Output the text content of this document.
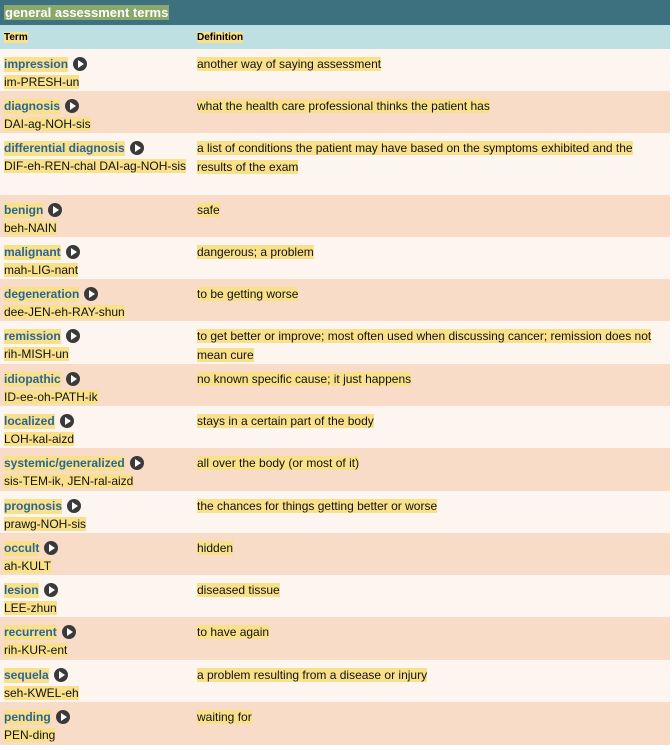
general assessment terms
Term	Definition
impression
im-PRESH-un
another way of saying assessment
diagnosis
DAI-ag-NOH-sis
what the health care professional thinks the patient has
differential diagnosis
DIF-eh-REN-chal DAI-ag-NOH-sis
a list of conditions the patient may have based on the symptoms exhibited and the results of the exam
benign
beh-NAIN
safe
malignant
mah-LIG-nant
dangerous; a problem
degeneration
dee-JEN-eh-RAY-shun
to be getting worse
remission
rih-MISH-un
to get better or improve; most often used when discussing cancer; remission does not mean cure
idiopathic
ID-ee-oh-PATH-ik
no known specific cause; it just happens
localized
LOH-kal-aizd
stays in a certain part of the body
systemic/generalized
sis-TEM-ik, JEN-ral-aizd
all over the body (or most of it)
prognosis
prawg-NOH-sis
the chances for things getting better or worse
occult
ah-KULT
hidden
lesion
LEE-zhun
diseased tissue
recurrent
rih-KUR-ent
to have again
sequela
seh-KWEL-eh
a problem resulting from a disease or injury
pending
PEN-ding
waiting for
